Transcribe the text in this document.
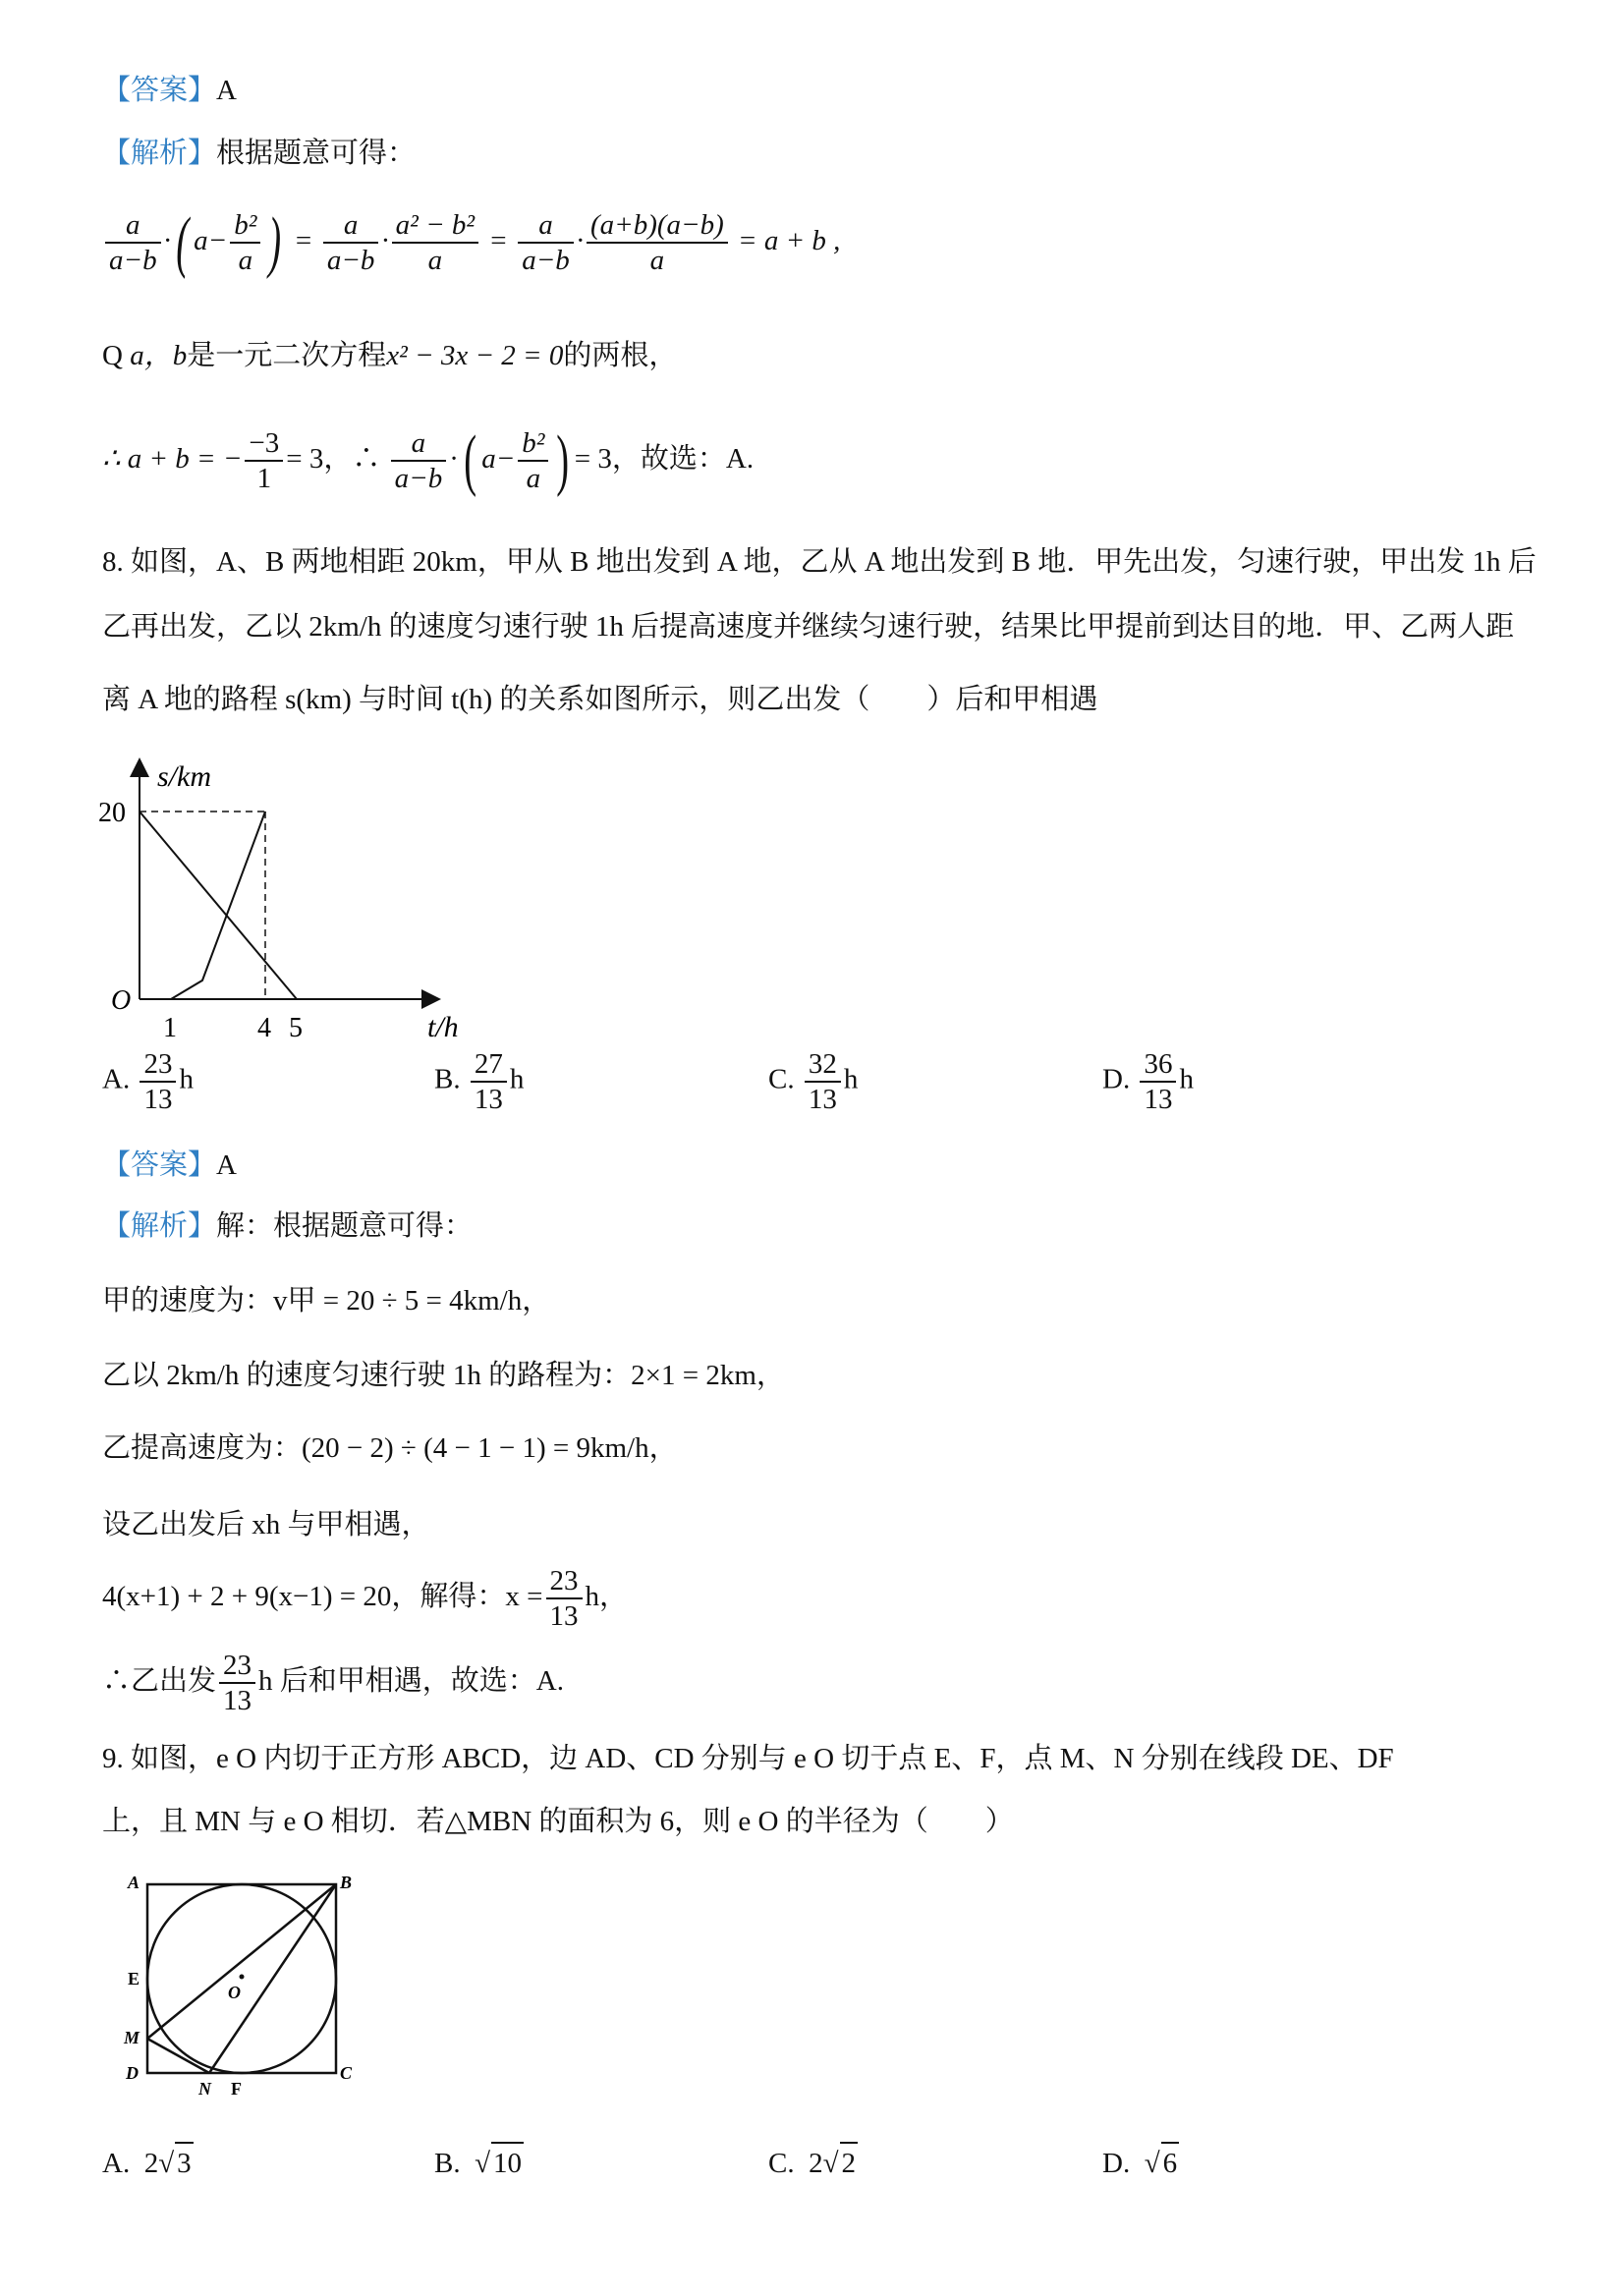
【答案】A
【解析】根据题意可得：
$\frac{a}{a-b}$ ·( $a- \frac{\text{b²}}{a}$ ) = $\frac{a}{a-b} \cdot \frac{\text{a² − b²}}{a} = \frac{a}{a-b} \cdot \frac{(a+b)(a-b)}{a} = a + b$ ,
Q a，b是一元二次方程x² − 3x − 2 = 0的两根，
∴ a + b = − $\frac{-3}{1} = 3$，∴ $\frac{a}{a-b}$ ·( $a- \frac{\text{b²}}{a}$ ) = 3，故选：A.
8. 如图，A、B 两地相距 20km，甲从 B 地出发到 A 地，乙从 A 地出发到 B 地．甲先出发，匀速行驶，甲出发 1h 后
乙再出发，乙以 2km/h 的速度匀速行驶 1h 后提高速度并继续匀速行驶，结果比甲提前到达目的地．甲、乙两人距
离 A 地的路程 s(km) 与时间 t(h) 的关系如图所示，则乙出发（　　）后和甲相遇
s/km
t/h
O
1	4 5
20
A. $\frac{23}{13}$ h	B. $\frac{27}{13}$ h	C. $\frac{32}{13}$ h	D. $\frac{36}{13}$ h
【答案】A
【解析】解：根据题意可得：
甲的速度为：v甲 = 20 ÷ 5 = 4km/h，
乙以 2km/h 的速度匀速行驶 1h 的路程为：2×1 = 2km，
乙提高速度为：(20 − 2) ÷ (4 − 1 − 1) = 9km/h，
设乙出发后 xh 与甲相遇，
4(x+1) + 2 + 9(x−1) = 20，解得：$x = \frac{23}{13}$ h，
∴乙出发 $\frac{23}{13}$ h 后和甲相遇，故选：A.
9. 如图，e O 内切于正方形 ABCD，边 AD、CD 分别与 e O 切于点 E、F，点 M、N 分别在线段 DE、DF
上，且 MN 与 e O 相切．若△MBN 的面积为 6，则 e O 的半径为（　　）
A	B
C
D
E
M
N F
O
A. 2√ 3	B. √ 10	C. 2√ 2	D. √ 6
